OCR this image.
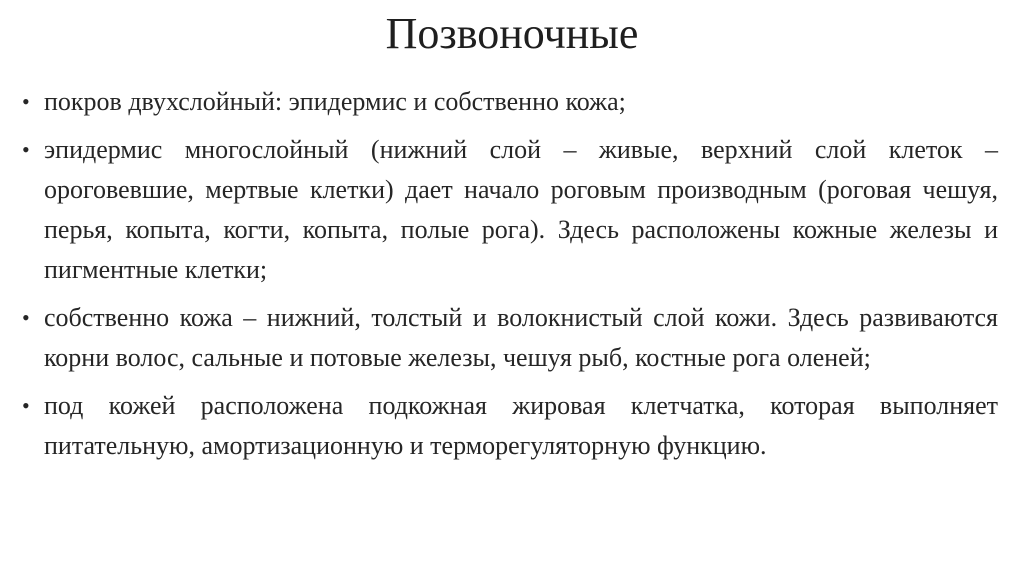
Позвоночные
• покров двухслойный: эпидермис и собственно кожа;
• эпидермис многослойный (нижний слой – живые, верхний слой клеток – ороговевшие, мертвые клетки) дает начало роговым производным (роговая чешуя, перья, копыта, когти, копыта, полые рога). Здесь расположены кожные железы и пигментные клетки;
• собственно кожа – нижний, толстый и волокнистый слой кожи. Здесь развиваются корни волос, сальные и потовые железы, чешуя рыб, костные рога оленей;
• под кожей расположена подкожная жировая клетчатка, которая выполняет питательную, амортизационную и терморегуляторную функцию.
